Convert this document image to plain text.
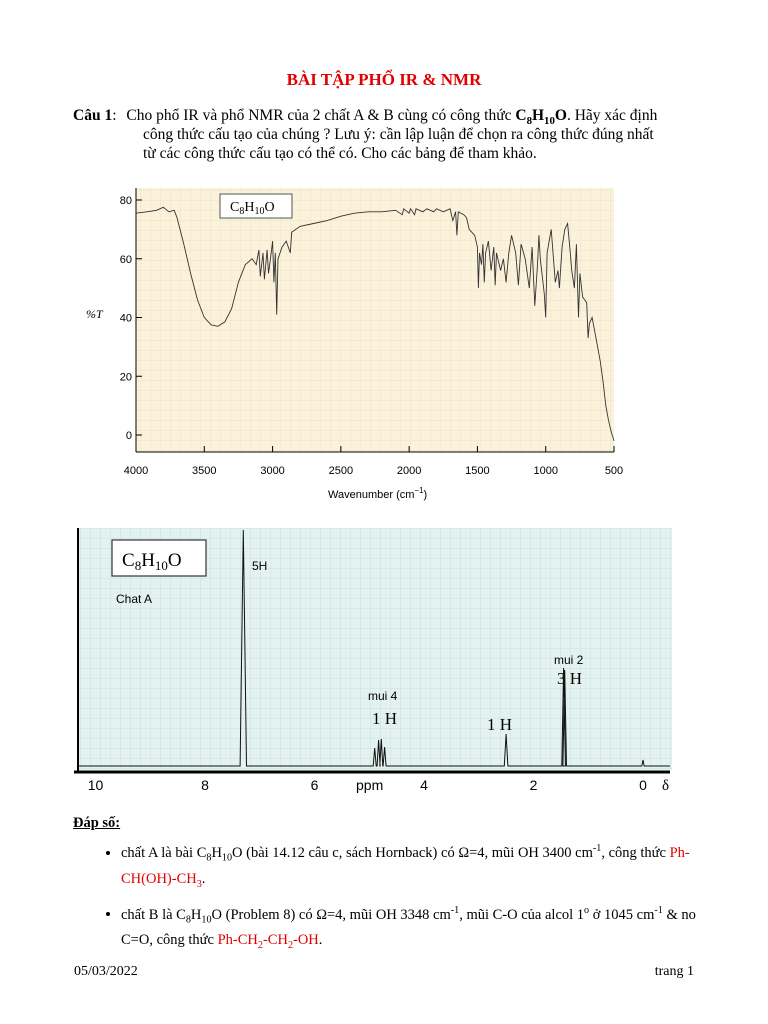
BÀI TẬP PHỔ IR & NMR
Câu 1: Cho phổ IR và phổ NMR của 2 chất A & B cùng có công thức $C_8H_{10}O$. Hãy xác định
công thức cấu tạo của chúng ? Lưu ý: cần lập luận để chọn ra công thức đúng nhất
từ các công thức cấu tạo có thể có. Cho các bảng để tham khảo.
0
20
40
60
80
4000	3500	3000	2500	2000	1500	1000	500
%T
Wavenumber $(cm^{-1})$
$C_8H_{10}O$
$C_8H_{10}O$
Chat A
5H
mui 4
1 H	1 H
mui 2
3 H
10	8	6	4	2	0
ppm	δ
Đáp số:
• chất A là bài $C_8H_{10}O$ (bài 14.12 câu c, sách Hornback) có Ω=4, mũi OH 3400 $cm^{-1}$, công thức $Ph-CH(OH)-CH_3$.
• chất B là $C_8H_{10}O$ (Problem 8) có Ω=4, mũi OH 3348 $cm^{-1}$, mũi C-O của alcol 1$^o$ ở 1045 $cm^{-1}$ & no C=O, công thức $Ph-CH_2-CH_2-OH$.
05/03/2022	trang 1
